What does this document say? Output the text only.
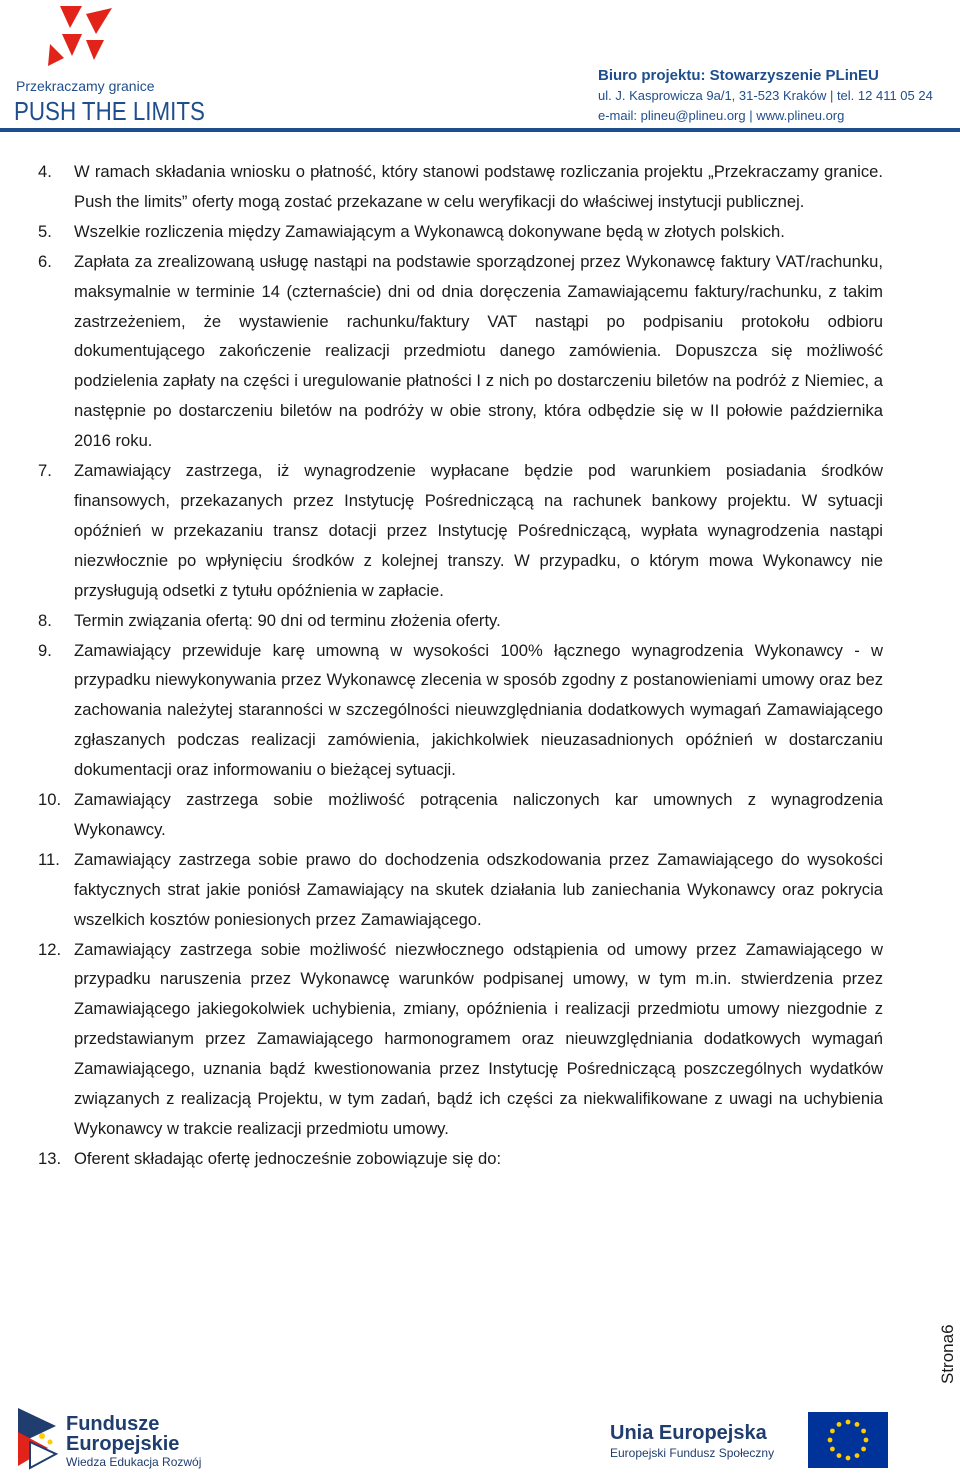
Przekraczamy granice
PUSH THE LIMITS
Biuro projektu: Stowarzyszenie PLinEU
ul. J. Kasprowicza 9a/1, 31-523 Kraków | tel. 12 411 05 24
e-mail: plineu@plineu.org | www.plineu.org
4.	W ramach składania wniosku o płatność, który stanowi podstawę rozliczania projektu „Przekraczamy granice. Push the limits” oferty mogą zostać przekazane w celu weryfikacji do właściwej instytucji publicznej.
5.	Wszelkie rozliczenia między Zamawiającym a Wykonawcą dokonywane będą w złotych polskich.
6.	Zapłata za zrealizowaną usługę nastąpi na podstawie sporządzonej przez Wykonawcę faktury VAT/rachunku, maksymalnie w terminie 14 (czternaście) dni od dnia doręczenia Zamawiającemu faktury/rachunku, z takim zastrzeżeniem, że wystawienie rachunku/faktury VAT nastąpi po podpisaniu protokołu odbioru dokumentującego zakończenie realizacji przedmiotu danego zamówienia. Dopuszcza się możliwość podzielenia zapłaty na części i uregulowanie płatności I z nich po dostarczeniu biletów na podróż z Niemiec, a następnie po dostarczeniu biletów na podróży w obie strony, która odbędzie się w II połowie października 2016 roku.
7.	Zamawiający zastrzega, iż wynagrodzenie wypłacane będzie pod warunkiem posiadania środków finansowych, przekazanych przez Instytucję Pośredniczącą na rachunek bankowy projektu. W sytuacji opóźnień w przekazaniu transz dotacji przez Instytucję Pośredniczącą, wypłata wynagrodzenia nastąpi niezwłocznie po wpłynięciu środków z kolejnej transzy. W przypadku, o którym mowa Wykonawcy nie przysługują odsetki z tytułu opóźnienia w zapłacie.
8.	Termin związania ofertą: 90 dni od terminu złożenia oferty.
9.	Zamawiający przewiduje karę umowną w wysokości 100% łącznego wynagrodzenia Wykonawcy - w przypadku niewykonywania przez Wykonawcę zlecenia w sposób zgodny z postanowieniami umowy oraz bez zachowania należytej staranności w szczególności nieuwzględniania dodatkowych wymagań Zamawiającego zgłaszanych podczas realizacji zamówienia, jakichkolwiek nieuzasadnionych opóźnień w dostarczaniu dokumentacji oraz informowaniu o bieżącej sytuacji.
10. Zamawiający zastrzega sobie możliwość potrącenia naliczonych kar umownych z wynagrodzenia Wykonawcy.
11. Zamawiający zastrzega sobie prawo do dochodzenia odszkodowania przez Zamawiającego do wysokości faktycznych strat jakie poniósł Zamawiający na skutek działania lub zaniechania Wykonawcy oraz pokrycia wszelkich kosztów poniesionych przez Zamawiającego.
12. Zamawiający zastrzega sobie możliwość niezwłocznego odstąpienia od umowy przez Zamawiającego w przypadku naruszenia przez Wykonawcę warunków podpisanej umowy, w tym m.in. stwierdzenia przez Zamawiającego jakiegokolwiek uchybienia, zmiany, opóźnienia i realizacji przedmiotu umowy niezgodnie z przedstawianym przez Zamawiającego harmonogramem oraz nieuwzględniania dodatkowych wymagań Zamawiającego, uznania bądź kwestionowania przez Instytucję Pośredniczącą poszczególnych wydatków związanych z realizacją Projektu, w tym zadań, bądź ich części za niekwalifikowane z uwagi na uchybienia Wykonawcy w trakcie realizacji przedmiotu umowy.
13. Oferent składając ofertę jednocześnie zobowiązuje się do:
Strona6
Fundusze
Europejskie
Wiedza Edukacja Rozwój
Unia Europejska
Europejski Fundusz Społeczny
